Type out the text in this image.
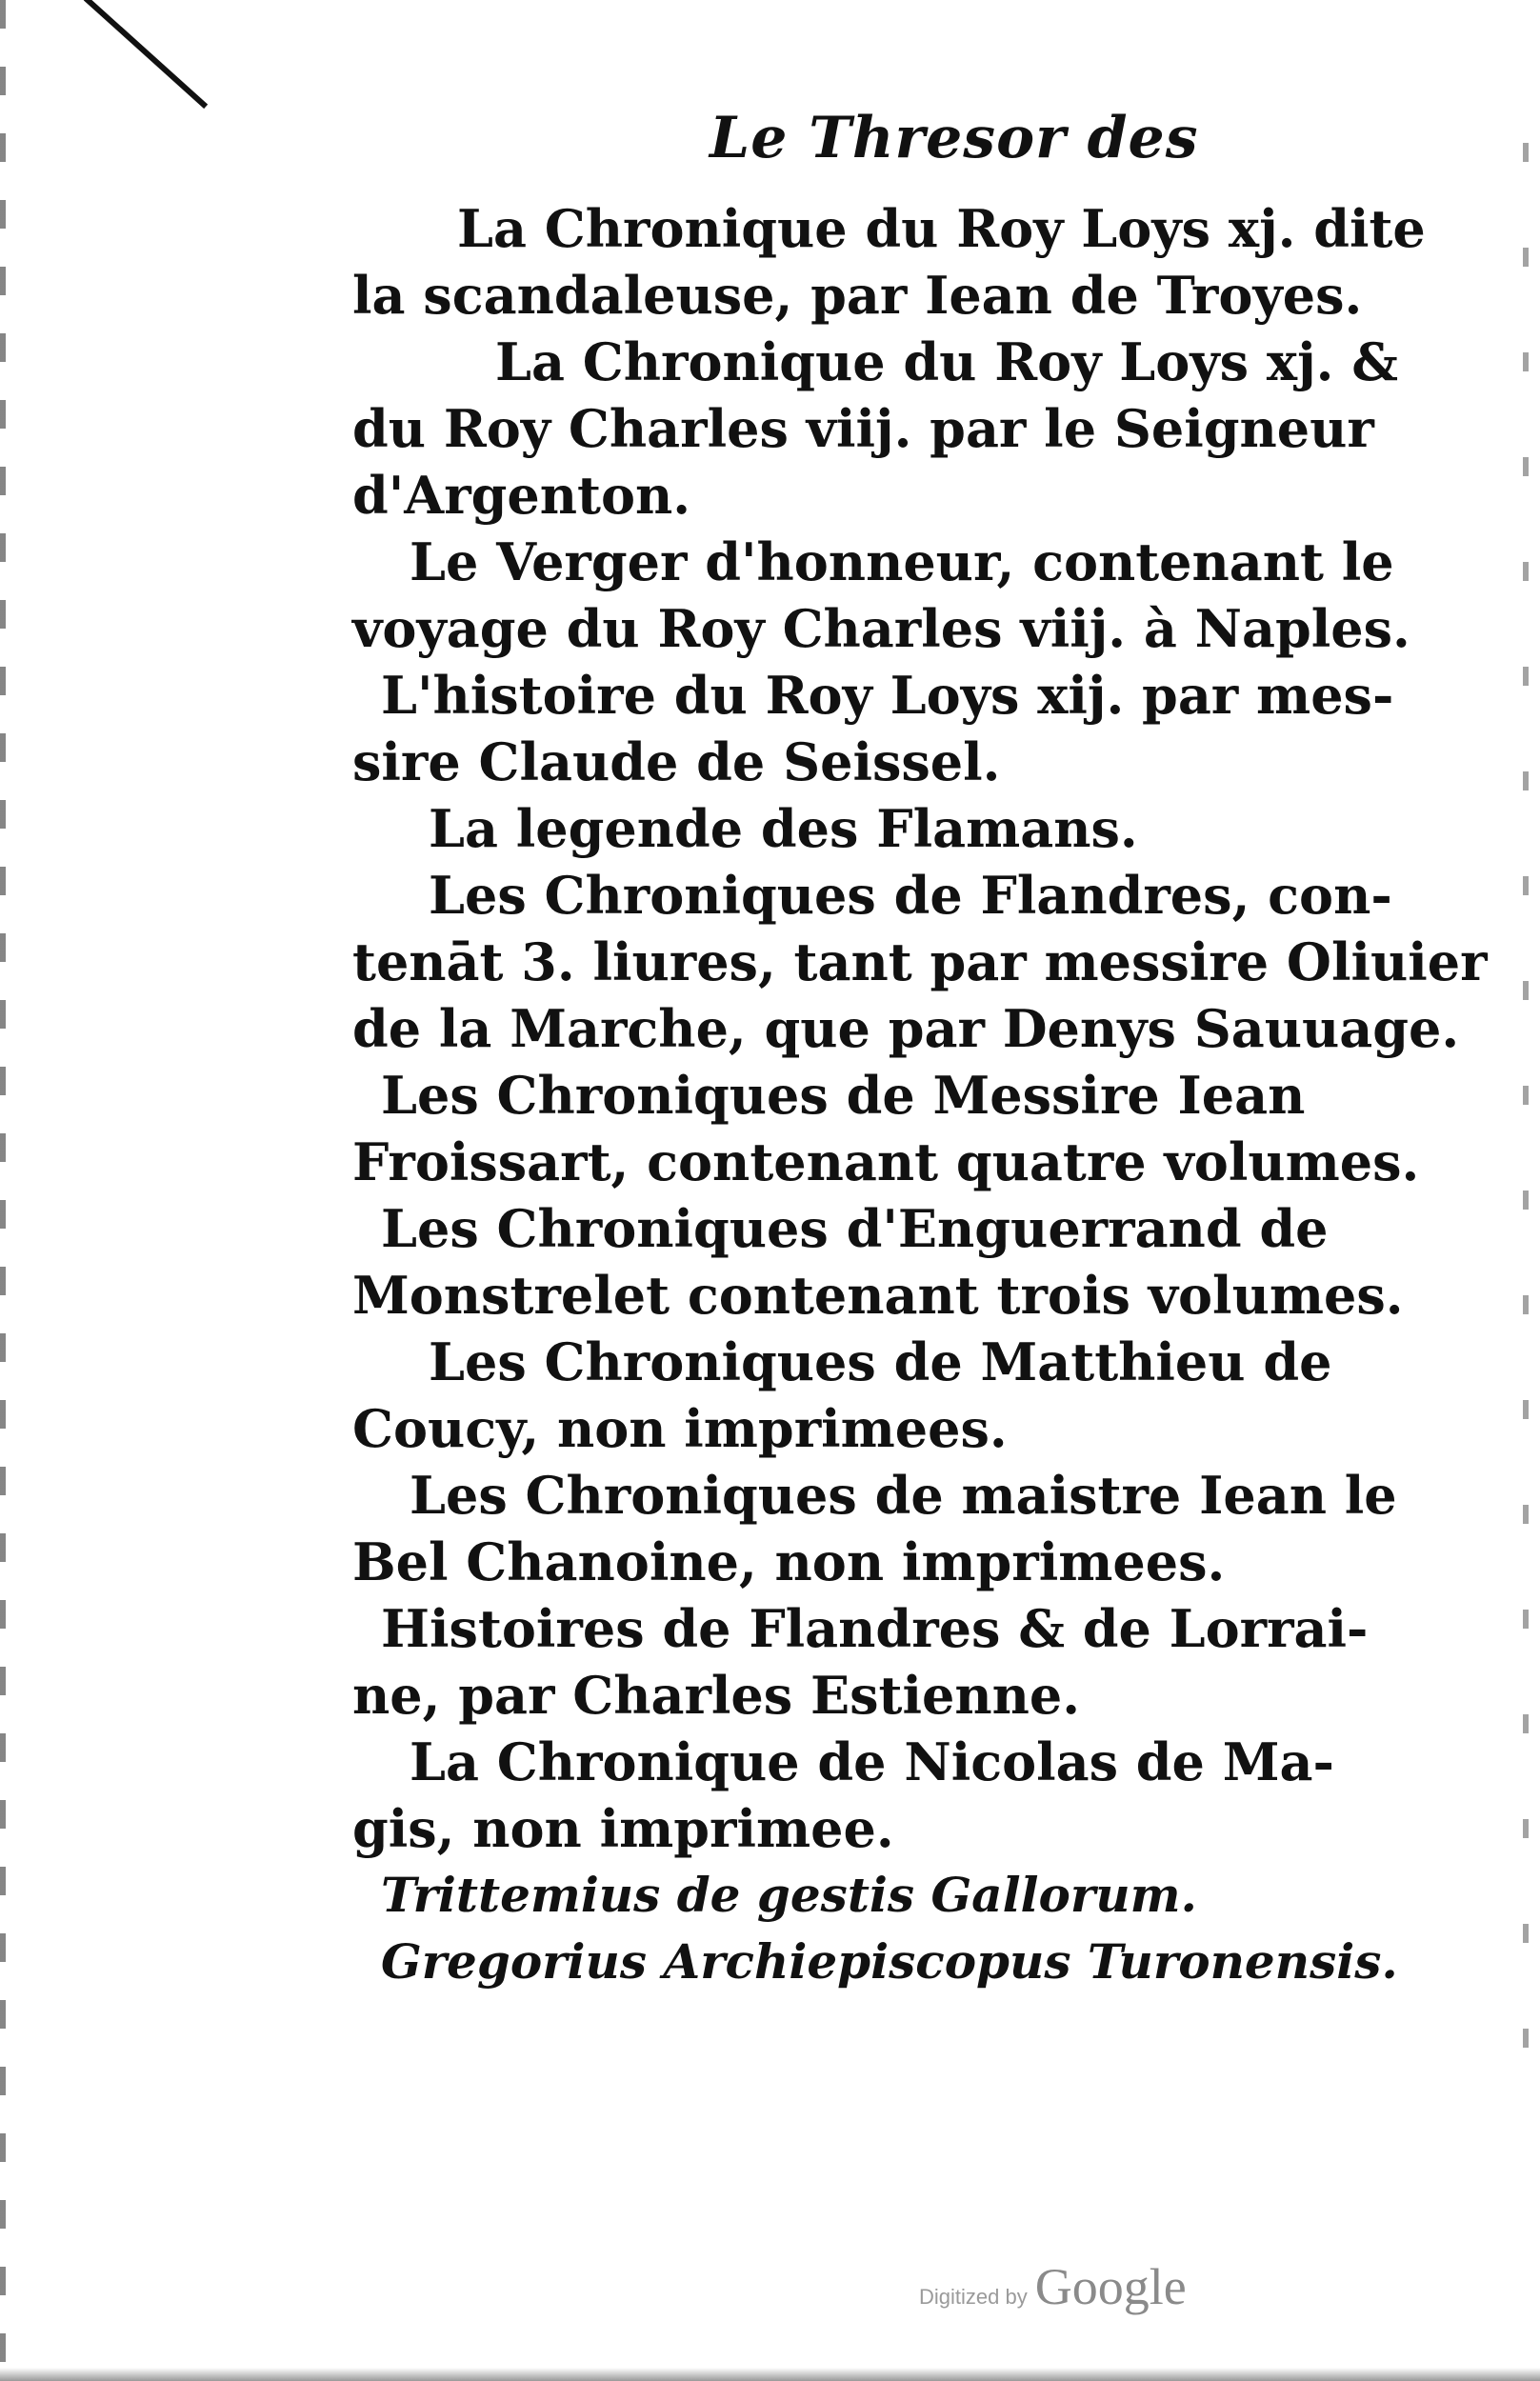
Le Thresor des
La Chronique du Roy Loys xj. dite
la scandaleuse, par Iean de Troyes.
La Chronique du Roy Loys xj. &
du Roy Charles viij. par le Seigneur
d'Argenton.
Le Verger d'honneur, contenant le
voyage du Roy Charles viij. à Naples.
L'histoire du Roy Loys xij. par mes-
sire Claude de Seissel.
La legende des Flamans.
Les Chroniques de Flandres, con-
tenāt 3. liures, tant par messire Oliuier
de la Marche, que par Denys Sauuage.
Les Chroniques de Messire Iean
Froissart, contenant quatre volumes.
Les Chroniques d'Enguerrand de
Monstrelet contenant trois volumes.
Les Chroniques de Matthieu de
Coucy, non imprimees.
Les Chroniques de maistre Iean le
Bel Chanoine, non imprimees.
Histoires de Flandres & de Lorrai-
ne, par Charles Estienne.
La Chronique de Nicolas de Ma-
gis, non imprimee.
Trittemius de gestis Gallorum.
Gregorius Archiepiscopus Turonensis.
Digitized by Google
